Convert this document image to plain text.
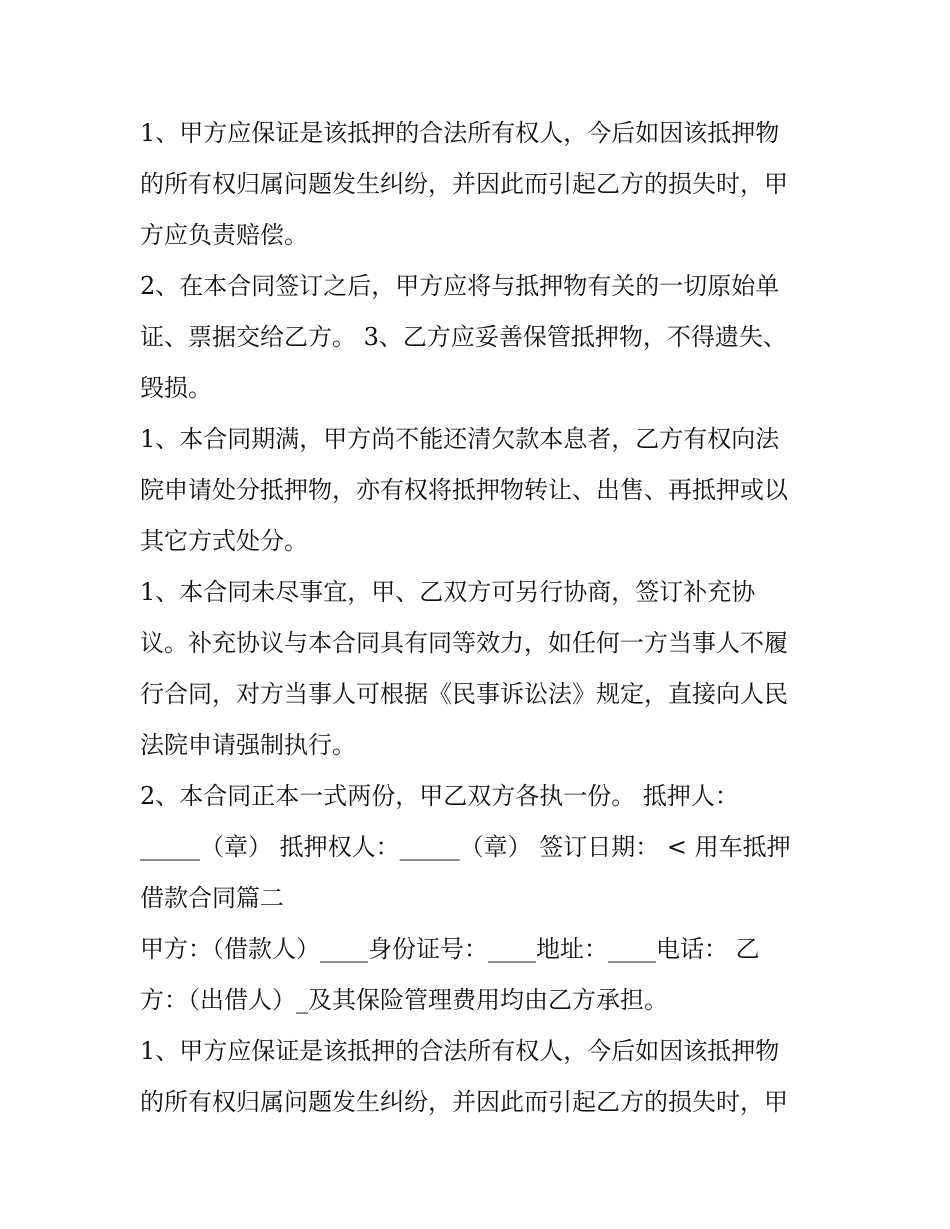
1、甲方应保证是该抵押的合法所有权人，今后如因该抵押物
的所有权归属问题发生纠纷，并因此而引起乙方的损失时，甲
方应负责赔偿。
2、在本合同签订之后，甲方应将与抵押物有关的一切原始单
证、票据交给乙方。 3、乙方应妥善保管抵押物，不得遗失、
毁损。
1、本合同期满，甲方尚不能还清欠款本息者，乙方有权向法
院申请处分抵押物，亦有权将抵押物转让、出售、再抵押或以
其它方式处分。
1、本合同未尽事宜，甲、乙双方可另行协商，签订补充协
议。补充协议与本合同具有同等效力，如任何一方当事人不履
行合同，对方当事人可根据《民事诉讼法》规定，直接向人民
法院申请强制执行。
2、本合同正本一式两份，甲乙双方各执一份。 抵押人：
_____（章） 抵押权人：_____（章） 签订日期： < 用车抵押
借款合同篇二
甲方：（借款人）____身份证号：____地址：____电话： 乙
方：（出借人）_及其保险管理费用均由乙方承担。
1、甲方应保证是该抵押的合法所有权人，今后如因该抵押物
的所有权归属问题发生纠纷，并因此而引起乙方的损失时，甲
